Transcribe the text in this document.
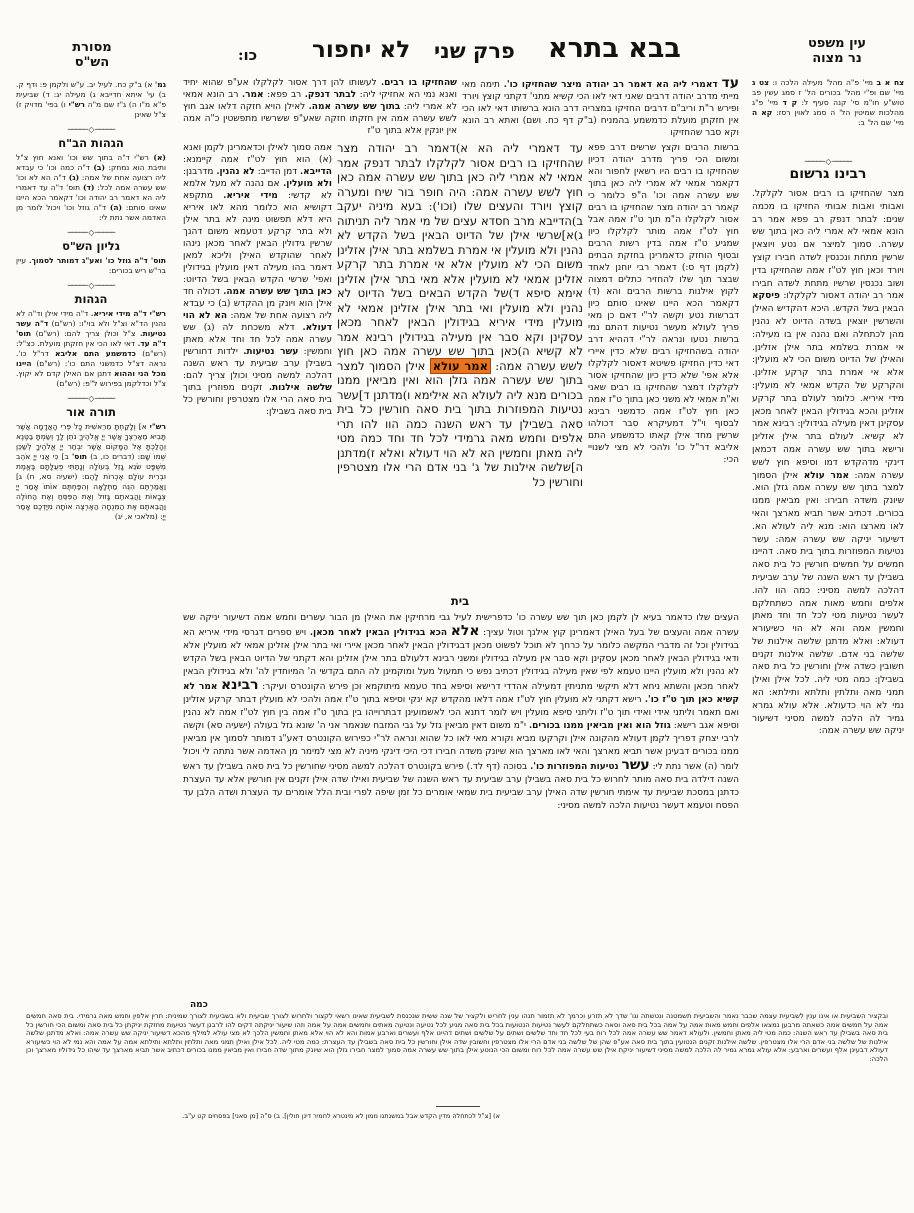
מסורת
הש"ס	כו: לא יחפור פרק שני בבא בתרא	עין משפט
נר מצוה
צח א ב מיי' פ"ה מהל' מעילה הלכה ו: צט ג מיי' שם ופ"י מהל' בכורים הל' ז סמג עשין פב טוש"ע חו"מ סי' קנה סעיף ל: ק ד מיי' פ"ג מהלכות שמיטין הל' ה סמג לאוין רסז: קא ה מיי' שם הל' ב:
───── ◇ ─────
רבינו גרשום
מצר שהחזיקו בו רבים אסור לקלקל. ואבותי ואבות אבותי החזיקו בו מכמה שנים: לבתר דנפק רב פפא אמר רב הונא אמאי לא אמרי ליה כאן בתוך שש עשרה. סמוך למיצר אם נטע ויוצאין שרשין מתחת ונכנסין לשדה חבירו קוצץ ויורד וכאן חוץ לט"ז אמה שהחזיקו בדין ושוב נכנסין שרשיו מתחת לשדה חבירו אמר רב יהודה דאסור לקלקלו: פיסקא הבאין בשל הקדש. היכא דהקדיש האילן והשרשין יוצאין בשדה הדיוט לא נהנין מהן לכתחלה ואם נהנה אין בו מעילה: אי אמרת בשלמא בתר אילן אזלינן. והאילן של הדיוט משום הכי לא מועלין: אלא אי אמרת בתר קרקע אזלינן. והקרקע של הקדש אמאי לא מועלין: מידי איריא. כלומר לעולם בתר קרקע אזלינן והכא בגידולין הבאין לאחר מכאן עסקינן דאין מעילה בגידולין: רבינא אמר לא קשיא. לעולם בתר אילן אזלינן ורישא בתוך שש עשרה אמה דכמאן דינקי מדהקדש דמו וסיפא חוץ לשש עשרה אמה: אמר עולא אילן הסמוך למצר בתוך שש עשרה אמה גזלן הוא. שיונק משדה חבירו: ואין מביאין ממנו בכורים. דכתיב אשר תביא מארצך והאי לאו מארצו הוא: מנא ליה לעולא הא. דשיעור יניקה שש עשרה אמה: עשר נטיעות המפוזרות בתוך בית סאה. דהיינו חמשים על חמשים חורשין כל בית סאה בשבילן עד ראש השנה של ערב שביעית דהלכה למשה מסיני: כמה הוו להו. אלפים וחמש מאות אמה כשתחלקם לעשר נטיעות מטי לכל חד וחד מאתן וחמשין אמה והא לא הוי כשיעורא דעולא: ואלא מדתנן שלשה אילנות של שלשה בני אדם. שלשה אילנות זקנים חשובין כשדה אילן וחורשין כל בית סאה בשבילן: כמה מטי ליה. לכל אילן ואילן תמני מאה ותלתין ותלתא ותילתא: הא נמי לא הוי כדעולא. אלא עולא גמרא גמיר לה הלכה למשה מסיני דשיעור יניקה שש עשרה אמה:
גמ' א) ב"ק כח. לעיל יב. ע"ש ולקמן פ: ודף ק. ב) עי' איתא חדייבא ג) מעילה יג: ד) שביעית פ"א מ"ו ה) ג"ז שם מ"ה רש"י ו) בפי' מדויק ז) צ"ל שאינן
───── ◇ ─────
הגהות הב"ח
(א) רש"י ד"ה בתוך שש וכו' ואנא חוץ צ"ל ותיבת הוא נמחק: (ב) ד"ה כמה וכו' כי עבדא ליה רצועה אחת של אמה: (ג) ד"ה הא לא וכו' שש עשרה אמה לכל: (ד) תוס' ד"ה עד דאמרי ליה הא דאמר רב יהודה וכו' דקאמר הכא היינו שאינו סותם: (ה) ד"ה גוזל וכו' ויכול לומר מן האדמה אשר נתת לי:
───── ◇ ─────
גליון הש"ס
תוס' ד"ה גוזל כו' ואע"ג דמותר לסמוך. עיין בר"ש ריש בכורים:
───── ◇ ─────
הגהות
רש"י ד"ה מידי איריא. ד"ה מידי אילן וד"ה לא נהנין הד"א וצ"ל ולא בוי"ו: (רש"ם) ד"ה עשר נטיעות. צ"ל וכולן צריך להם: (רש"ם) תוס' ד"ה עד. דאי לאו הכי אין חזקתן מועלת. כצ"ל: (רש"ם) כדמשמע התם אליבא דר"ל כו'. נראה דצ"ל כדמשני התם כו': (רש"ם) היינו מכל הני וההוא דתנן אם האילן קדם לא יקוץ. צ"ל וכדלקמן בפירוש ל"פ: (רש"ם)
───── ◇ ─────
תורה אור
רש"י א] וְלָקַחְתָּ מֵרֵאשִׁית כָּל פְּרִי הָאֲדָמָה אֲשֶׁר תָּבִיא מֵאַרְצְךָ אֲשֶׁר יְיָ אֱלֹהֶיךָ נֹתֵן לָךְ וְשַׂמְתָּ בַטֶּנֶא וְהָלַכְתָּ אֶל הַמָּקוֹם אֲשֶׁר יִבְחַר יְיָ אֱלֹהֶיךָ לְשַׁכֵּן שְׁמוֹ שָׁם: (דברים כו, ב) תוס' ב] כִּי אֲנִי יְיָ אֹהֵב מִשְׁפָּט שֹׂנֵא גָזֵל בְּעוֹלָה וְנָתַתִּי פְעֻלָּתָם בֶּאֱמֶת וּבְרִית עוֹלָם אֶכְרוֹת לָהֶם: (ישעיה סא, ח) ג] וַאֲמַרְתֶּם הִנֵּה מַתְּלָאָה וְהִפַּחְתֶּם אוֹתוֹ אָמַר יְיָ צְבָאוֹת וַהֲבֵאתֶם גָּזוּל וְאֶת הַפִּסֵּחַ וְאֶת הַחוֹלֶה וַהֲבֵאתֶם אֶת הַמִּנְחָה הַאֶרְצֶה אוֹתָהּ מִיֶּדְכֶם אָמַר יְיָ: (מלאכי א, יג)
שהחזיקו בו רבים. לעשותו להן דרך אסור לקלקלו אע"פ שהוא יחיד ואנא נמי הא אחזיקי ליה: לבתר דנפק. רב פפא: אמר. רב הונא אמאי לא אמרי ליה: בתוך שש עשרה אמה. לאילן הויא חזקה דלאו אגב חוץ לשש עשרה אמה אין חזקתו חזקה שאע"פ ששרשיו מתפשטין כ"ה אמה אין יונקין אלא בתוך ט"ז
עד דאמרי ליה הא דאמר רב יהודה מיצר שהחזיקו כו'. תימה מאי מייתי מדרב יהודה דרבים שאני דאי לאו הכי קשיא מתני' דקתני קוצץ ויורד ופירש ר"ת וריב"ם דרבים החזיקו במצריה דרב הונא ברשותו דאי לאו הכי אין חזקתן מועלת כדמשמע בהמניח (ב"ק דף כח. ושם) ואתא רב הונא וקא סבר שהחזיקו
אמה סמוך לאילן וכדאמרינן לקמן ואנא (א) הוא חוץ לט"ז אמה קיימנא: הדייבא. דמן הדייב: לא נהנין. מדרבנן: ולא מועלין. אם נהנה לא מעל אלמא לא קדשי: מידי איריא. מתקפא דקושיא הוא כלומר מהא לאו איריא היא דלא תפשוט מינה לא בתר אילן ולא בתר קרקע דטעמא משום דהנך שרשין גידולין הבאין לאחר מכאן נינהו לאחר שהוקדש האילן וליכא למאן דאמר בהו מעילה דאין מועלין בגידולין ואפי' שרשי הקדש הבאין בשל הדיוט: כאן בתוך שש עשרה אמה. דכולה חד אילן הוא ויונק מן ההקדש (ב) כי עבדא ליה רצועה אחת של אמה: הא לא הוי דעולא. דלא משכחת לה (ג) שש עשרה אמה לכל חד וחד אלא מאתן וחמשין: עשר נטיעות. ילדות דחורשין בשבילן ערב שביעית עד ראש השנה דהלכה למשה מסיני וכולן צריך להם: שלשה אילנות. זקנים מפוזרין בתוך בית סאה הרי אלו מצטרפין וחורשין כל בית סאה בשבילן:
עד דאמרי ליה הא א)דאמר רב יהודה מצר שהחזיקו בו רבים אסור לקלקלו לבתר דנפק אמר אמאי לא אמרי ליה כאן בתוך שש עשרה אמה כאן חוץ לשש עשרה אמה: היה חופר בור שיח ומערה קוצץ ויורד והעצים שלו (וכו'): בעא מיניה יעקב ב)הדייבא מרב חסדא עצים של מי אמר ליה תניתוה ג)א]שרשי אילן של הדיוט הבאין בשל הקדש לא נהנין ולא מועלין אי אמרת בשלמא בתר אילן אזלינן משום הכי לא מועלין אלא אי אמרת בתר קרקע אזלינן אמאי לא מועלין אלא מאי בתר אילן אזלינן אימא סיפא ד)של הקדש הבאים בשל הדיוט לא נהנין ולא מועלין ואי בתר אילן אזלינן אמאי לא מועלין מידי איריא בגידולין הבאין לאחר מכאן עסקינן וקא סבר אין מעילה בגידולין רבינא אמר לא קשיא ה)כאן בתוך שש עשרה אמה כאן חוץ לשש עשרה אמה: אמר עולא אילן הסמוך למצר בתוך שש עשרה אמה גזלן הוא ואין מביאין ממנו בכורים מנא ליה לעולא הא אילימא ו)מדתנן ד]עשר נטיעות המפוזרות בתוך בית סאה חורשין כל בית סאה בשבילן עד ראש השנה כמה הוו להו תרי אלפים וחמש מאה גרמידי לכל חד וחד כמה מטי ליה מאתן וחמשין הא לא הוי דעולא ואלא ז)מדתנן ה]שלשה אילנות של ג' בני אדם הרי אלו מצטרפין וחורשין כל
בית
ברשות הרבים וקצץ שרשים דרב פפא ומשום הכי פריך מדרב יהודה דכיון שהחזיקו בו רבים היו רשאין לחפור והא דקאמר אמאי לא אמרי ליה כאן בתוך שש עשרה אמה וכו' ה"פ כלומר כי קאמר רב יהודה מצר שהחזיקו בו רבים אסור לקלקלו ה"מ תוך ט"ז אמה אבל חוץ לט"ז אמה מותר לקלקלו כיון שמגיע ט"ז אמה בדין רשות הרבים ובסוף הוחזק כדאמרינן בחזקת הבתים (לקמן דף ס:) דאמר רבי יוחנן לאחד שבצר תוך שלו להחזיר כתלים דמצוה לקוץ אילנות ברשות הרבים והא (ד) דקאמר הכא היינו שאינו סותם כיון דברשות נטע וקשה לר"י דאם כן מאי פריך לעולא מעשר נטיעות דהתם נמי ברשות נטעו ונראה לר"י דההיא דרב יהודה בשהחזיקו רבים שלא כדין איירי דאי כדין החזיקו פשיטא דאסור לקלקלו אלא אפי' שלא כדין כיון שהחזיקו אסור לקלקלו דמצר שהחזיקו בו רבים שאני וא"ת אמאי לא משני כאן בתוך ט"ז אמה כאן חוץ לט"ז אמה כדמשני רבינא לבסוף וי"ל דמעיקרא סבר דכולהו שרשין מחד אילן קאתו כדמשמע התם אליבא דר"ל כו' ולהכי לא מצי לשנויי הכי:
העצים שלו כדאמר בעיא לן לקמן כאן תוך שש עשרה כו' כדפרישית לעיל גבי מרחיקין את האילן מן הבור עשרים וחמש אמה דשיעור יניקה שש עשרה אמה והעצים של בעל האילן דאמרינן קוץ אילנך וטול עציך: אלא הכא בגידולין הבאין לאחר מכאן. ויש ספרים דגרסי מידי איריא הא בגידולין וכל זה מדברי המקשה כלומר על כרחך לא תוכל לפשוט מכאן דבגידולין הבאין לאחר מכאן איירי ואי בתר אילן אזלינן אמאי לא מועלין אלא ודאי בגידולין הבאין לאחר מכאן עסקינן וקא סבר אין מעילה בגידולין ומשני רבינא דלעולם בתר אילן אזלינן והא דקתני של הדיוט הבאין בשל הקדש לא נהנין ולא מועלין היינו טעמא לפי שאין מעילה בגידולין דכתיב נפש כי תמעול מעל ומוקמינן לה התם בקדשי ה' המיוחדין לה' ולא בגידולין הבאין לאחר מכאן והשתא ניחא דלא תיקשי מתניתין דמעילה אהדדי דרישא וסיפא בחד טעמא מיתוקמא וכן פירש הקונטרס ועיקר: רבינא אמר לא קשיא כאן תוך ט"ז כו'. רישא דקתני לא מועלין חוץ לט"ז אמה דלאו מהקדש קא ינקי וסיפא בתוך ט"ז אמה ולהכי לא מועלין דבתר קרקע אזלינן ואם תאמר וליתני אידי ואידי תוך ט"ז וליתני סיפא מועלין ויש לומר דתנא הכי לאשמועינן דבתרוייהו בין בתוך ט"ז אמה בין חוץ לט"ז אמה לא נהנין וסיפא אגב רישא: גוזל הוא ואין מביאין ממנו בכורים. י"מ משום דאין מביאין גזל על גבי המזבח שנאמר אני ה' שונא גזל בעולה (ישעיה סא) וקשה לרבי יצחק דפריך לקמן דעולא מהקונה אילן וקרקעו מביא וקורא מאי לאו כל שהוא ונראה לר"י כפירוש הקונטרס דאע"ג דמותר לסמוך אין מביאין ממנו בכורים דבעינן אשר תביא מארצך והאי לאו מארצך הוא שיונק משדה חבירו דכי היכי דינקי מיניה לא מצי למימר מן האדמה אשר נתתה לי ויכול לומר (ה) אשר נתת לי: עשר נטיעות המפוזרות כו'. בסוכה (דף לד.) פירש בקונטרס דהלכה למשה מסיני שחורשין כל בית סאה בשבילן עד ראש השנה דילדה בית סאה מותר לחרוש כל בית סאה בשבילן ערב שביעית עד ראש השנה של שביעית ואילו שדה אילן זקנים אין חורשין אלא עד העצרת כדתנן במסכת שביעית עד אימתי חורשין שדה האילן ערב שביעית בית שמאי אומרים כל זמן שיפה לפרי ובית הלל אומרים עד העצרת ושדה הלבן עד הפסח וטעמא דעשר נטיעות הלכה למשה מסיני:
כמה
ובקציר השביעית או אינו ענין לשביעית עצמה שכבר נאמר והשביעית תשמטנה ונטשתה וגו' שדך לא תזרע וכרמך לא תזמור תנהו ענין לחריש ולקציר של שנה ששית שנכנסת לשביעית שאינו רשאי לקצור ולחרוש לצורך שביעית ולא בשביעית לצורך שמינית: תרין אלפין וחמש מאה גרמידי. בית סאה חמשים אמה על חמשים אמה כשאתה מרבען נמצאו אלפים וחמש מאות אמה על אמה בכל בית סאה וסאה כשתחלקם לעשר נטיעות הנטועות בכל בית סאה מגיע לכל נטיעה ונטיעה מאתים וחמשים אמה על אמה וזהו שיעור יניקתה דקים להו לרבנן דעשר נטיעות מחזקת יניקתן כל בית סאה ומשום הכי חורשין כל בית סאה בשבילן עד ראש השנה: כמה מטי ליה מאתן וחמשין. ולעולא דאמר שש עשרה אמה לכל רוח בעי לכל חד וחד שלשים ושתים על שלשים ושתים דהיינו אלף ועשרים וארבע אמות והא לא הוי אלא מאתן וחמשין הלכך לא מצי עולא למילף מהכא דשיעור יניקה שש עשרה אמה: ואלא מדתנן שלשה אילנות של שלשה בני אדם הרי אלו מצטרפין. שלשה אילנות זקנים הנטועין בתוך בית סאה אע"פ שהן של שלשה בני אדם הרי אלו מצטרפין וחשובין שדה אילן וחורשין כל בית סאה בשבילן עד העצרת: כמה מטי ליה. לכל אילן ואילן תמני מאה ותלתין ותלתא ותילתא אמה על אמה והא נמי לא הוי כשיעורא דעולא דבעינן אלף ועשרים וארבע: אלא עולא גמרא גמיר לה הלכה למשה מסיני דשיעור יניקת אילן שש עשרה אמה לכל רוח ומשום הכי הנוטע אילן בתוך שש עשרה אמה סמוך למצר חבירו גזלן הוא שיונק מתוך שדה חבירו ואין מביאין ממנו בכורים דכתיב אשר תביא מארצך עד שיהו כל גידוליו מארצך וכן הלכה:
א) [צ"ל לכתחלה מדין הקדש אבל במשנתנו ממון לא מינטרא לחמיר דינן חולין]. ב) ס"ה [מן סאני] בפסחים קט ע"ב.
